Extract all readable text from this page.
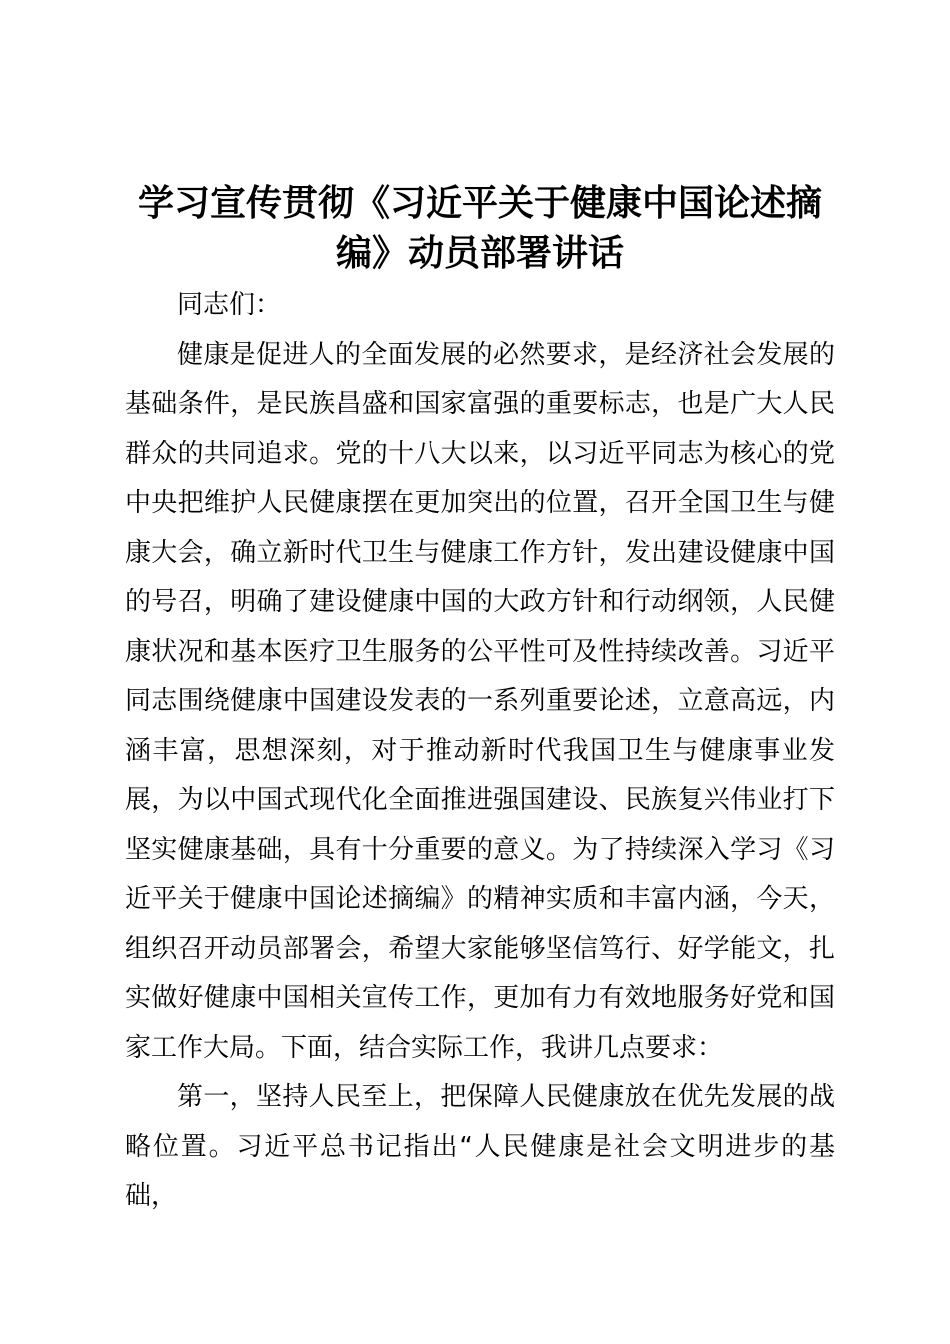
学习宣传贯彻《习近平关于健康中国论述摘编》动员部署讲话

同志们：

健康是促进人的全面发展的必然要求，是经济社会发展的基础条件，是民族昌盛和国家富强的重要标志，也是广大人民群众的共同追求。党的十八大以来，以习近平同志为核心的党中央把维护人民健康摆在更加突出的位置，召开全国卫生与健康大会，确立新时代卫生与健康工作方针，发出建设健康中国的号召，明确了建设健康中国的大政方针和行动纲领，人民健康状况和基本医疗卫生服务的公平性可及性持续改善。习近平同志围绕健康中国建设发表的一系列重要论述，立意高远，内涵丰富，思想深刻，对于推动新时代我国卫生与健康事业发展，为以中国式现代化全面推进强国建设、民族复兴伟业打下坚实健康基础，具有十分重要的意义。为了持续深入学习《习近平关于健康中国论述摘编》的精神实质和丰富内涵，今天，组织召开动员部署会，希望大家能够坚信笃行、好学能文，扎实做好健康中国相关宣传工作，更加有力有效地服务好党和国家工作大局。下面，结合实际工作，我讲几点要求：

第一，坚持人民至上，把保障人民健康放在优先发展的战略位置。习近平总书记指出“人民健康是社会文明进步的基础，
